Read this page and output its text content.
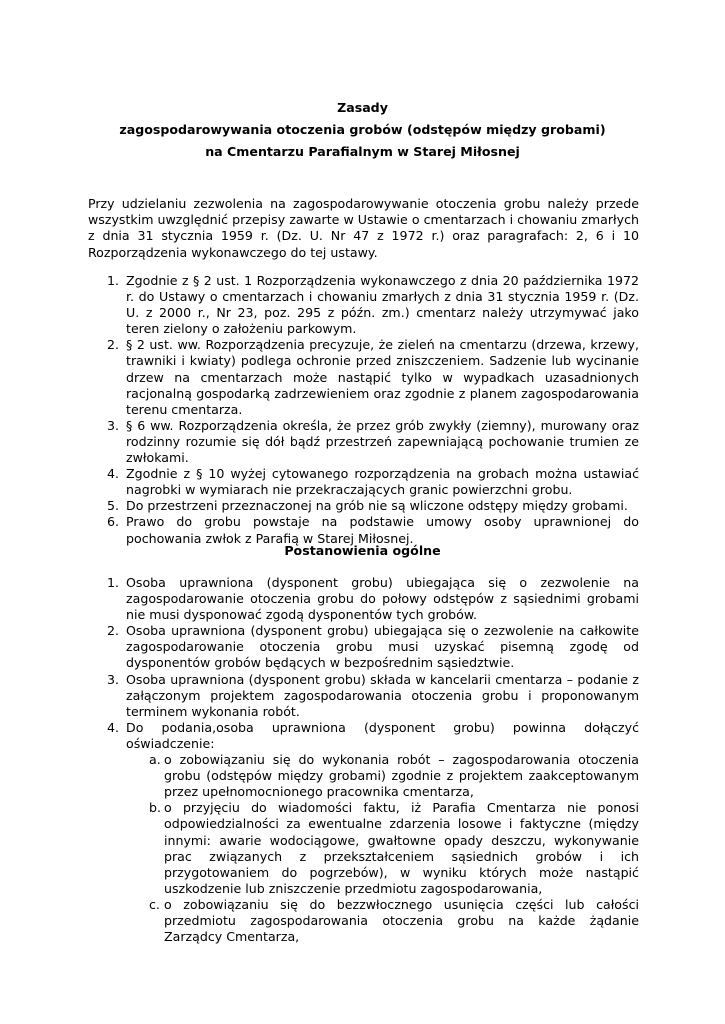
Zasady
zagospodarowywania otoczenia grobów (odstępów między grobami)
na Cmentarzu Parafialnym w Starej Miłosnej
Przy udzielaniu zezwolenia na zagospodarowywanie otoczenia grobu należy przede wszystkim uwzględnić przepisy zawarte w Ustawie o cmentarzach i chowaniu zmarłych z dnia 31 stycznia 1959 r. (Dz. U. Nr 47 z 1972 r.) oraz paragrafach: 2, 6 i 10 Rozporządzenia wykonawczego do tej ustawy.
1. Zgodnie z § 2 ust. 1 Rozporządzenia wykonawczego z dnia 20 października 1972 r. do Ustawy o cmentarzach i chowaniu zmarłych z dnia 31 stycznia 1959 r. (Dz. U. z 2000 r., Nr 23, poz. 295 z późn. zm.) cmentarz należy utrzymywać jako teren zielony o założeniu parkowym.
2. § 2 ust. ww. Rozporządzenia precyzuje, że zieleń na cmentarzu (drzewa, krzewy, trawniki i kwiaty) podlega ochronie przed zniszczeniem. Sadzenie lub wycinanie drzew na cmentarzach może nastąpić tylko w wypadkach uzasadnionych racjonalną gospodarką zadrzewieniem oraz zgodnie z planem zagospodarowania terenu cmentarza.
3. § 6 ww. Rozporządzenia określa, że przez grób zwykły (ziemny), murowany oraz rodzinny rozumie się dół bądź przestrzeń zapewniającą pochowanie trumien ze zwłokami.
4. Zgodnie z § 10 wyżej cytowanego rozporządzenia na grobach można ustawiać nagrobki w wymiarach nie przekraczających granic powierzchni grobu.
5. Do przestrzeni przeznaczonej na grób nie są wliczone odstępy między grobami.
6. Prawo do grobu powstaje na podstawie umowy osoby uprawnionej do pochowania zwłok z Parafią w Starej Miłosnej.
Postanowienia ogólne
1. Osoba uprawniona (dysponent grobu) ubiegająca się o zezwolenie na zagospodarowanie otoczenia grobu do połowy odstępów z sąsiednimi grobami nie musi dysponować zgodą dysponentów tych grobów.
2. Osoba uprawniona (dysponent grobu) ubiegająca się o zezwolenie na całkowite zagospodarowanie otoczenia grobu musi uzyskać pisemną zgodę od dysponentów grobów będących w bezpośrednim sąsiedztwie.
3. Osoba uprawniona (dysponent grobu) składa w kancelarii cmentarza – podanie z załączonym projektem zagospodarowania otoczenia grobu i proponowanym terminem wykonania robót.
4. Do podania,osoba uprawniona (dysponent grobu) powinna dołączyć oświadczenie:
a. o zobowiązaniu się do wykonania robót – zagospodarowania otoczenia grobu (odstępów między grobami) zgodnie z projektem zaakceptowanym przez upełnomocnionego pracownika cmentarza,
b. o przyjęciu do wiadomości faktu, iż Parafia Cmentarza nie ponosi odpowiedzialności za ewentualne zdarzenia losowe i faktyczne (między innymi: awarie wodociągowe, gwałtowne opady deszczu, wykonywanie prac związanych z przekształceniem sąsiednich grobów i ich przygotowaniem do pogrzebów), w wyniku których może nastąpić uszkodzenie lub zniszczenie przedmiotu zagospodarowania,
c. o zobowiązaniu się do bezzwłocznego usunięcia części lub całości przedmiotu zagospodarowania otoczenia grobu na każde żądanie Zarządcy Cmentarza,
